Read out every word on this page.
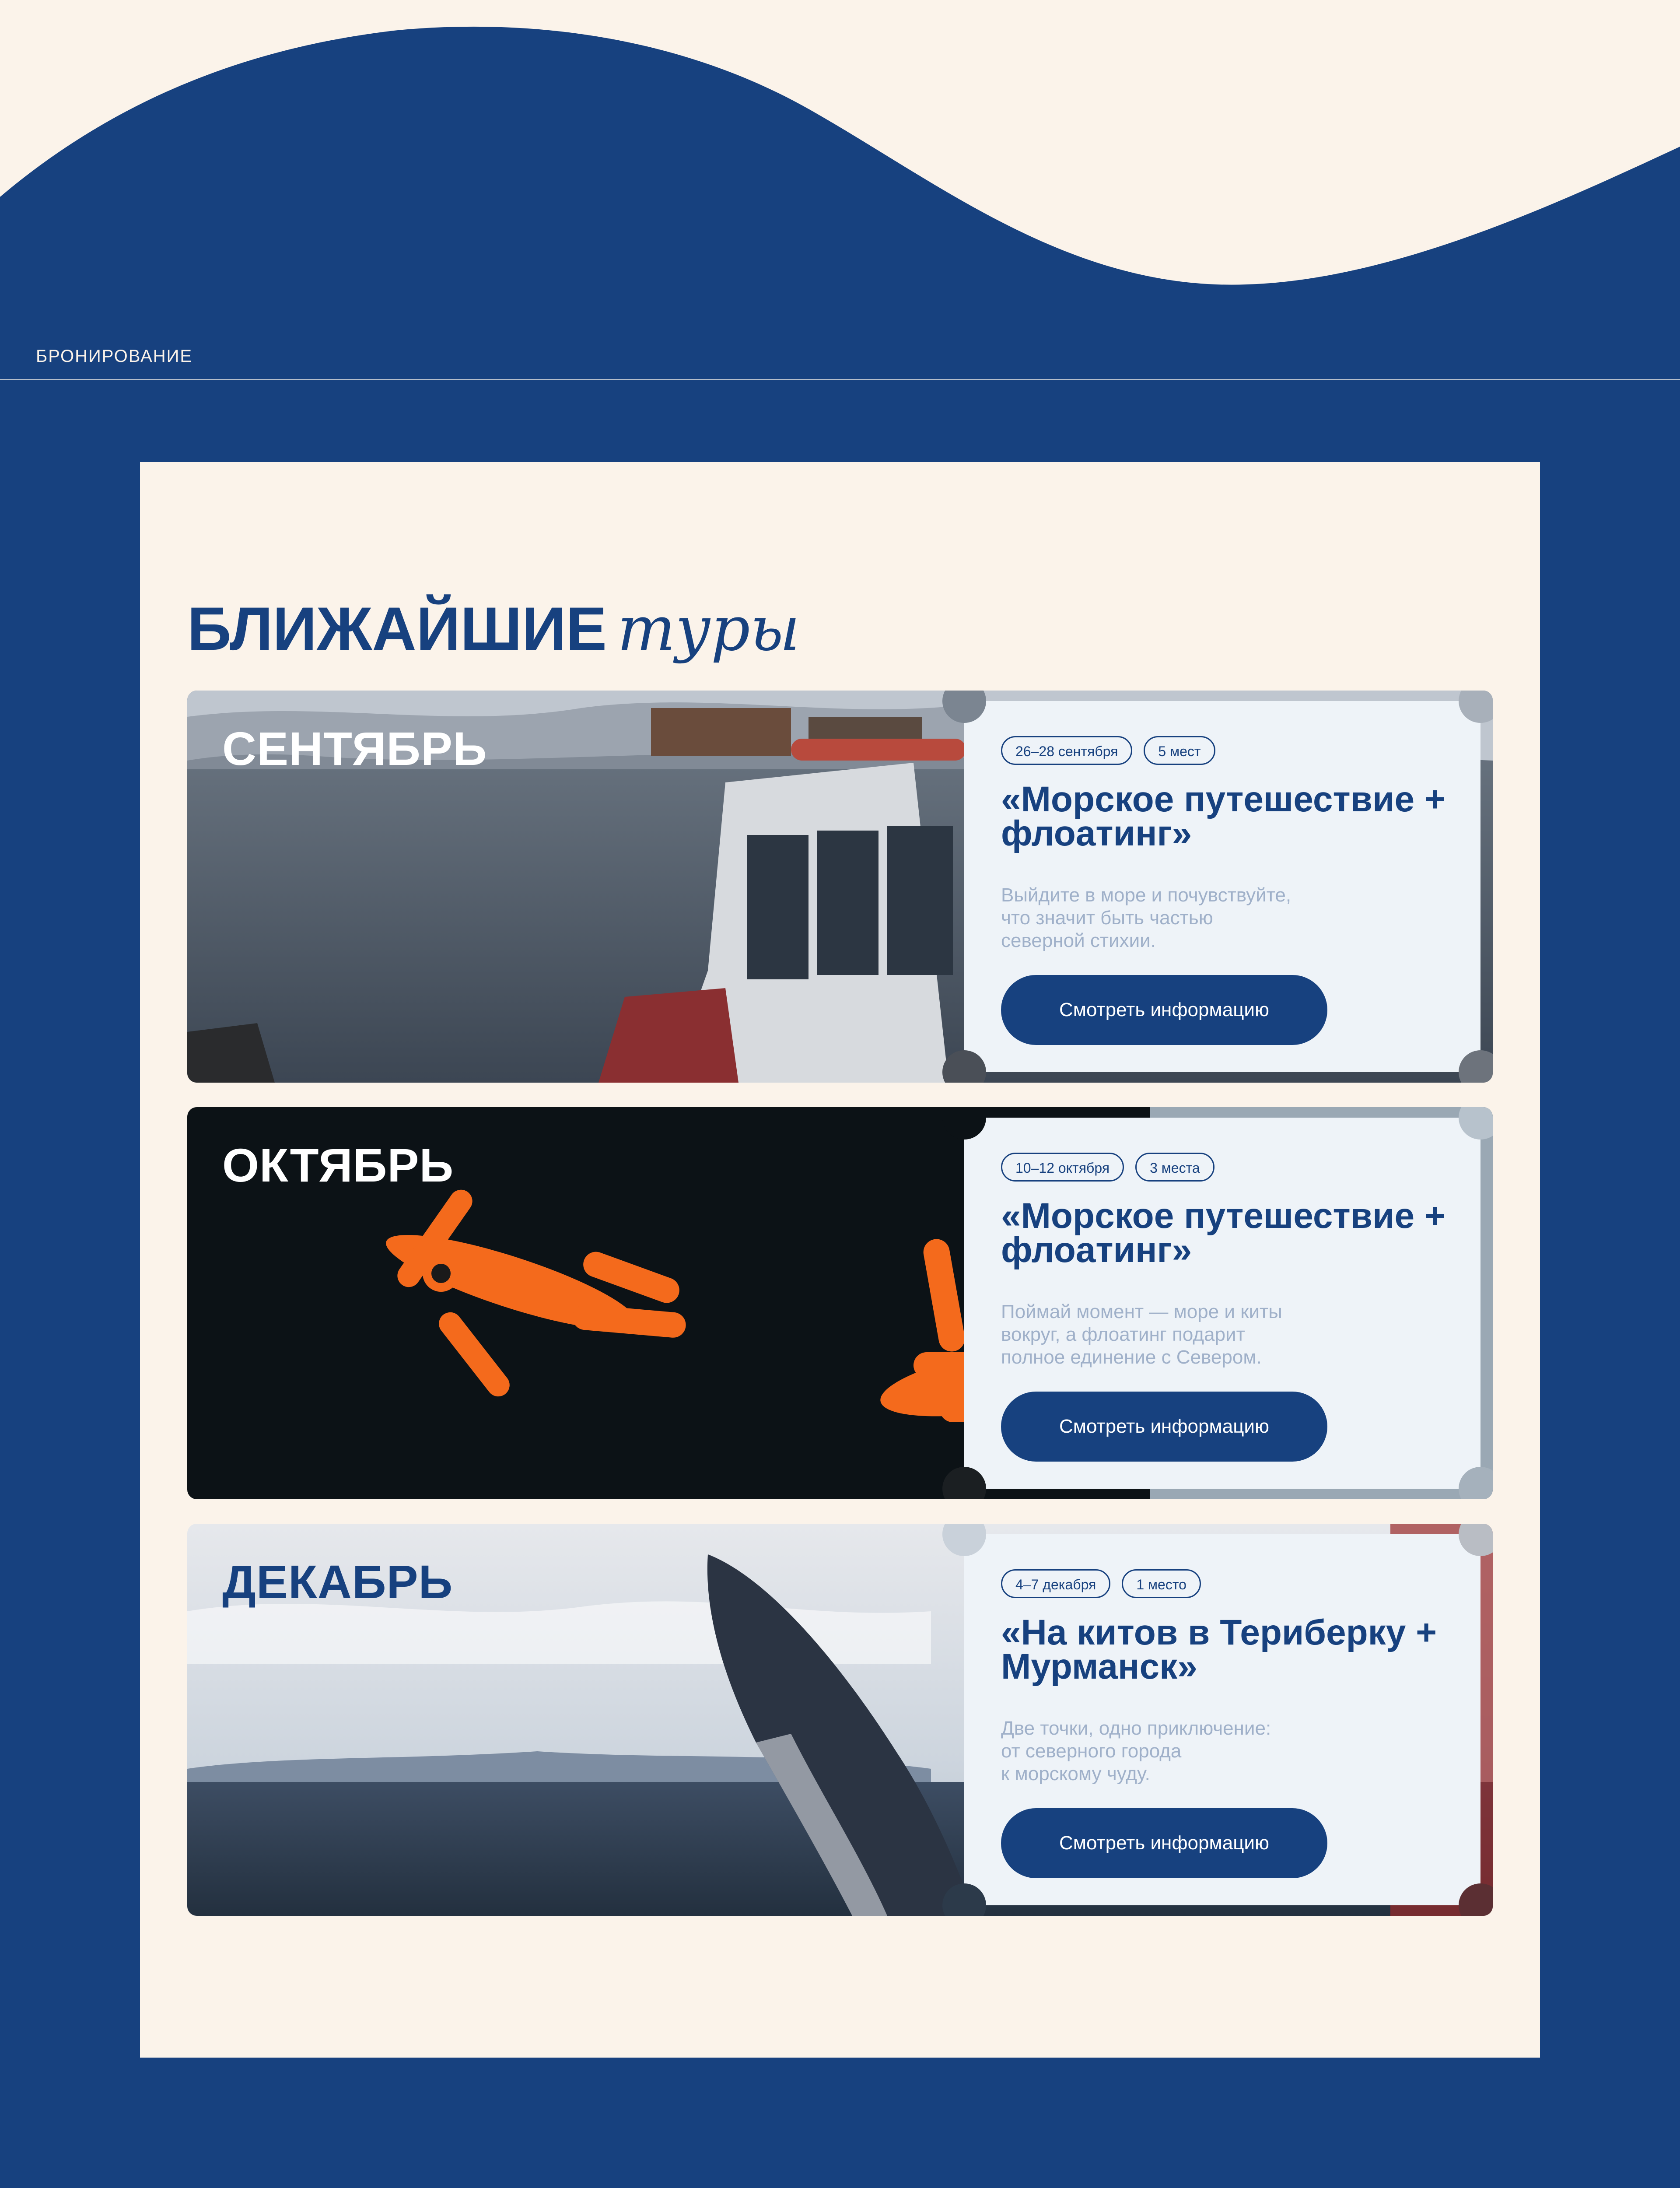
БРОНИРОВАНИЕ
БЛИЖАЙШИЕ туры
СЕНТЯБРЬ	26–28 сентября	5 мест
«Морское путешествие + флоатинг»

Выйдите в море и почувствуйте,
что значит быть частью
северной стихии.

Смотреть информацию
ОКТЯБРЬ	10–12 октября	3 места
«Морское путешествие + флоатинг»

Поймай момент — море и киты
вокруг, а флоатинг подарит
полное единение с Севером.

Смотреть информацию
ДЕКАБРЬ	4–7 декабря	1 место
«На китов в Териберку + Мурманск»

Две точки, одно приключение:
от северного города
к морскому чуду.

Смотреть информацию
